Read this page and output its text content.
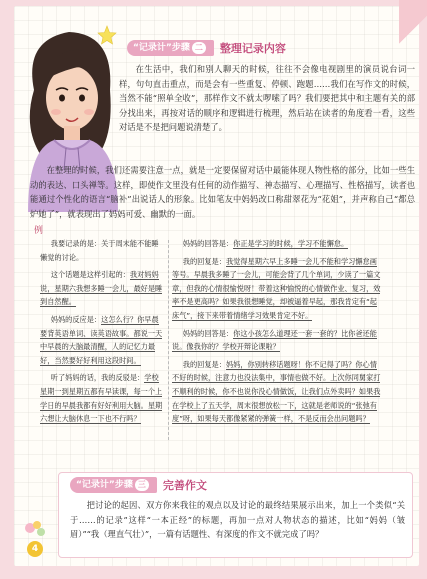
“记录计”步骤 二	整理记录内容

在生活中，我们和别人聊天的时候，往往不会像电视剧里的演员说台词一样，句句直击重点，而是会有一些重复、停顿、跑题……我们在写作文的时候，当然不能“照单全收”，那样作文不就太啰嗦了吗？我们要把其中和主题有关的部分找出来，再按对话的顺序和逻辑进行梳理，然后站在读者的角度看一看，这些对话是不是把问题说清楚了。

在整理的时候，我们还需要注意一点，就是一定要保留对话中最能体现人物性格的部分，比如一些生动的表达、口头禅等。这样，即使作文里没有任何的动作描写、神态描写、心理描写、性格描写，读者也能通过个性化的语言“脑补”出说话人的形象。比如笔友中妈妈改口称甜翠花为“花姐”，并声称自己“都总炉她了”，就表现出了妈妈可爱、幽默的一面。

例

我要记录的是：关于周末能不能睡懒觉的讨论。

这个话题是这样引起的：我对妈妈说，星期六我想多睡一会儿，最好是睡到自然醒。

妈妈的反应是：这怎么行？你早晨要背英语单词、读英语故事。都说一天中早晨的大脑最清醒，人的记忆力最好，当然要好好利用这段时间。

听了妈妈的话，我的反驳是：学校星期一到星期五都有早读课，每一个上学日的早晨我都有好好利用大脑。星期六想让大脑休息一下也不行吗？

妈妈的回答是：你正是学习的时候，学习不能懈怠。

我的回复是：我觉得星期六早上多睡一会儿不能和学习懈怠画等号。早晨我多睡了一会儿，可能会背了几个单词，少读了一篇文章，但我的心情很愉悦呀！带着这种愉悦的心情做作业、复习，效率不是更高吗？如果我很想睡觉，却被逼着早起，那我肯定有“起床气”，接下来带着情绪学习效果肯定不好。

妈妈的回答是：你这小孩怎么道理还一套一套的？比你爸还能说。像我你的？学校开辩论课啦？

我的回复是：妈妈，你别转移话题呀！你不记得了吗？你心情不好的时候，注意力也没法集中，事情也做不好。上次你同舅家打不顺利的时候，你不也说你没心情做饭，让我们点外卖吗？如果我在学校上了五天学，周末很想放松一下，这就是老师说的“张弛有度”呀，如果每天都像紧紧的弹簧一样，不是反而会出问题吗？

“记录计”步骤 三	完善作文

把讨论的起因、双方你来我往的观点以及讨论的最终结果展示出来，加上一个类似“关于……的记录”这样“一本正经”的标题，再加一点对人物状态的描述，比如“妈妈（皱眉）”“我（理直气壮）”，一篇有话题性、有深度的作文不就完成了吗？

4
